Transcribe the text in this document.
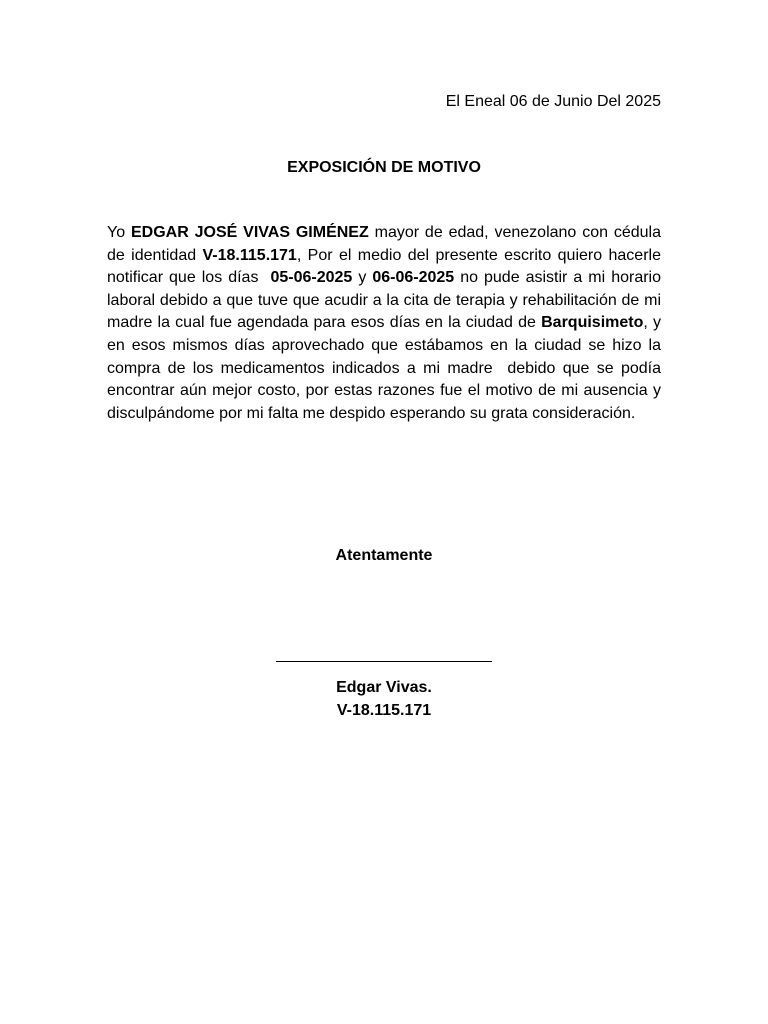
El Eneal 06 de Junio Del 2025
EXPOSICIÓN DE MOTIVO
Yo EDGAR JOSÉ VIVAS GIMÉNEZ mayor de edad, venezolano con cédula de identidad V-18.115.171, Por el medio del presente escrito quiero hacerle notificar que los días  05-06-2025 y 06-06-2025 no pude asistir a mi horario laboral debido a que tuve que acudir a la cita de terapia y rehabilitación de mi madre la cual fue agendada para esos días en la ciudad de Barquisimeto, y en esos mismos días aprovechado que estábamos en la ciudad se hizo la compra de los medicamentos indicados a mi madre  debido que se podía encontrar aún mejor costo, por estas razones fue el motivo de mi ausencia y disculpándome por mi falta me despido esperando su grata consideración.
Atentamente
Edgar Vivas.
V-18.115.171
